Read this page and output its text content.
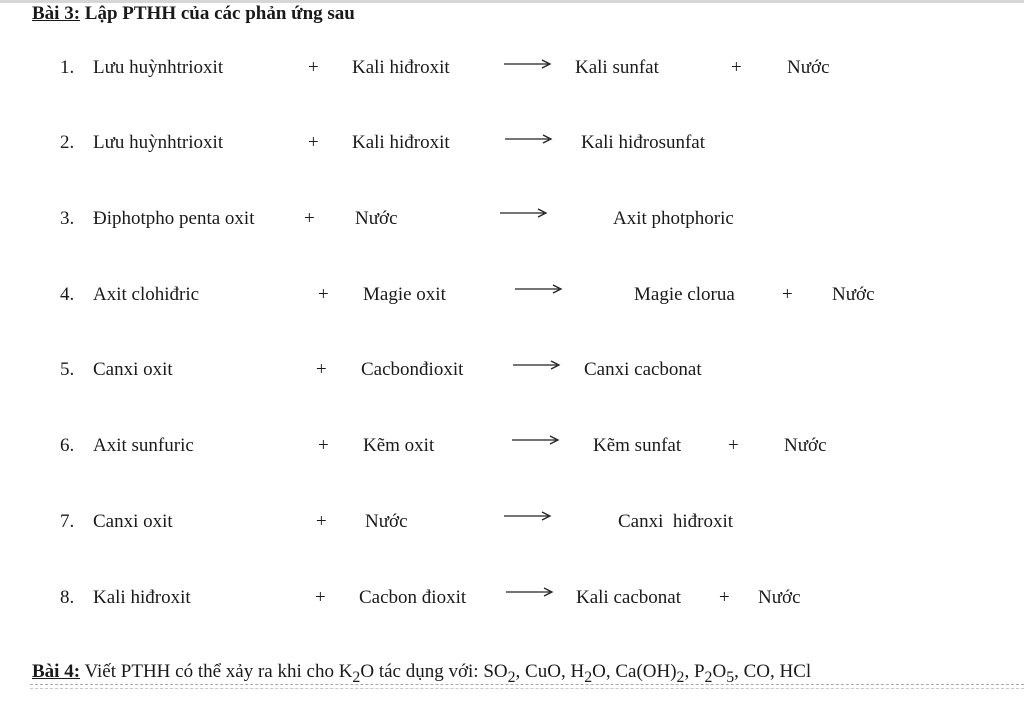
Bài 3: Lập PTHH của các phản ứng sau
1. Lưu huỳnhtrioxit	+ Kali hiđroxit	→ Kali sunfat	+ Nước
2. Lưu huỳnhtrioxit	+ Kali hiđroxit	Kali hiđrosunfat
3. Điphotpho penta oxit	+ Nước	Axit photphoric
4. Axit clohiđric	+ Magie oxit	Magie clorua + Nước
5. Canxi oxit	+ Cacbonđioxit	→ Canxi cacbonat
6. Axit sunfuric	+ Kẽm oxit	Kẽm sunfat + Nước
7. Canxi oxit	+ Nước	Canxi  hiđroxit
8. Kali hiđroxit	+ Cacbon đioxit → Kali cacbonat + Nước
Bài 4: Viết PTHH có thể xảy ra khi cho $K_2O$ tác dụng với: $SO_2$, CuO, $H_2O$, $Ca(OH)_2$, $P_2O_5$, CO, HCl
